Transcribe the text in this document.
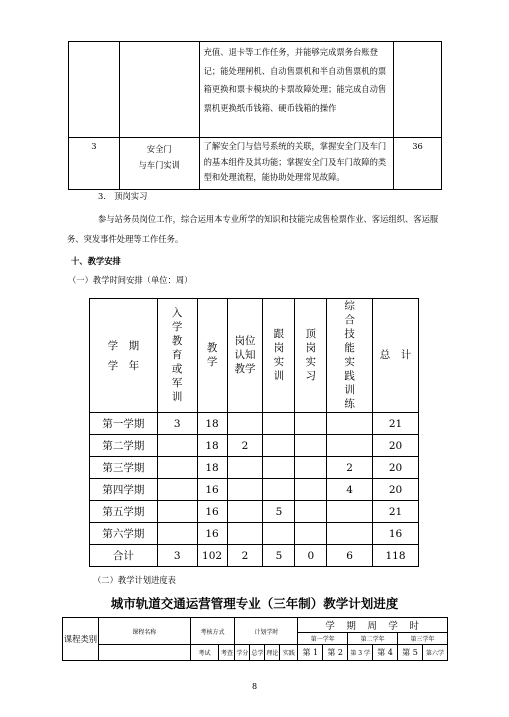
		充值、退卡等工作任务，并能够完成票务台账登记；能处理闸机、自动售票机和半自动售票机的票箱更换和票卡模块的卡票故障处理；能完成自动售票机更换纸币钱箱、硬币钱箱的操作	

3	安全门
与车门实训	了解安全门与信号系统的关联，掌握安全门及车门的基本组件及其功能；掌握安全门及车门故障的类型和处理流程，能协助处理常见故障。	36
3.　顶岗实习
参与站务员岗位工作，综合运用本专业所学的知识和技能完成售检票作业、客运组织、客运服务、突发事件处理等工作任务。
十、教学安排
（一）教学时间安排（单位：周）
学　期
学　年	入学教育或军训	教学	岗位认知教学	跟岗实训	顶岗实习	综合技能实践训练	总　计
第一学期	3	18					21
第二学期		18	2				20
第三学期		18				2	20
第四学期		16				4	20
第五学期		16		5			21
第六学期		16					16
合计	3	102	2	5	0	6	118
（二）教学计划进度表
城市轨道交通运营管理专业（三年制）教学计划进度
课程类别	课程名称	考核方式		计划学时				学　期　周　学　时					
								第一学年		第二学年		第三学年	
		考试	考查	学分	总学	理论	实践	第 1	第 2	第 3 学	第 4	第 5	第六学
8
